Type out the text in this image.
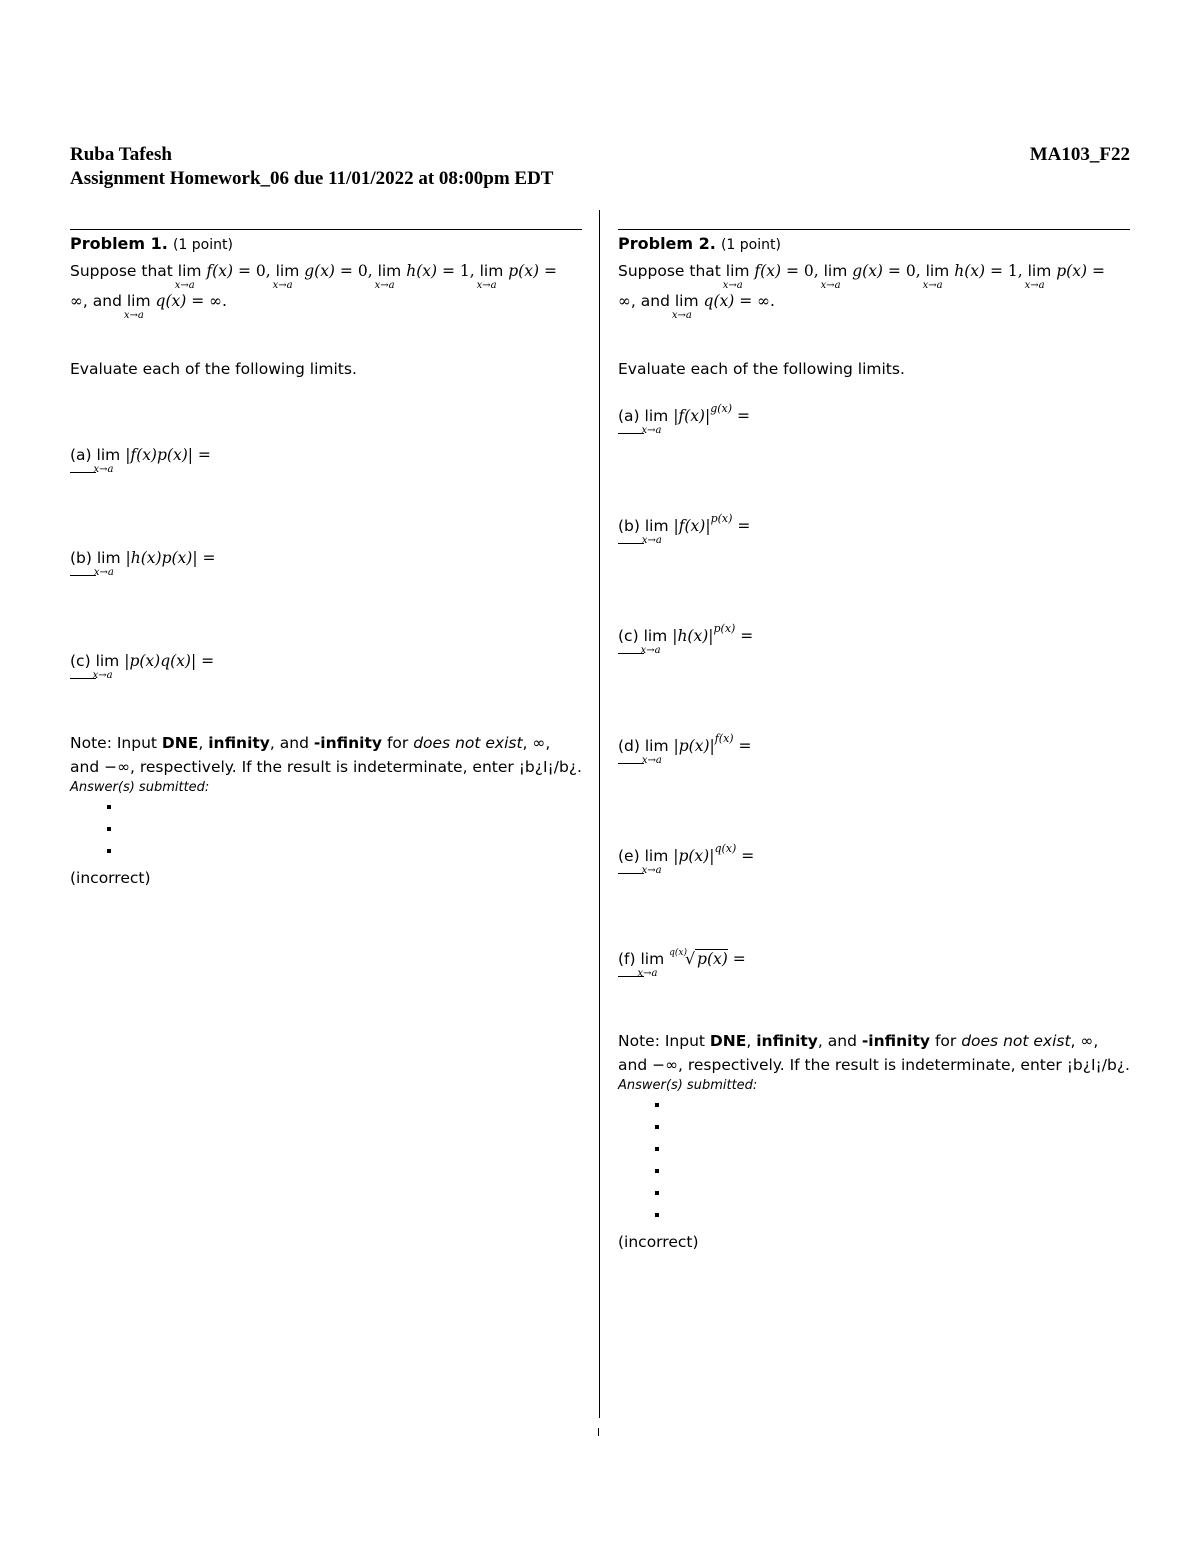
Ruba Tafesh
Assignment Homework_06 due 11/01/2022 at 08:00pm EDT
MA103_F22
Problem 1. (1 point)
Suppose that lim
x→a
f(x) = 0, lim
x→a
g(x) = 0, lim
x→a
h(x) = 1, lim
x→a
p(x) =
∞, and lim
x→a
q(x) = ∞.
Evaluate each of the following limits.
(a) lim
x→a
|f(x)p(x)| =
(b) lim
x→a
|h(x)p(x)| =
(c) lim
x→a
|p(x)q(x)| =
Note: Input DNE, infinity, and -infinity for does not exist, ∞, and −∞, respectively. If the result is indeterminate, enter ¡b¿I¡/b¿.
Answer(s) submitted:
▪
▪
▪
(incorrect)
Problem 2. (1 point)
Suppose that lim
x→a
f(x) = 0, lim
x→a
g(x) = 0, lim
x→a
h(x) = 1, lim
x→a
p(x) =
∞, and lim
x→a
q(x) = ∞.
Evaluate each of the following limits.
(a) lim
x→a
$|f(x)|^{g(x)}$ =
(b) lim
x→a
$|f(x)|^{p(x)}$ =
(c) lim
x→a
$|h(x)|^{p(x)}$ =
(d) lim
x→a
$|p(x)|^{f(x)}$ =
(e) lim
x→a
$|p(x)|^{q(x)}$ =
(f) lim
x→a

q(x)
√ p(x) =
Note: Input DNE, infinity, and -infinity for does not exist, ∞, and −∞, respectively. If the result is indeterminate, enter ¡b¿I¡/b¿.
Answer(s) submitted:
▪
▪
▪
▪
▪
▪
(incorrect)
